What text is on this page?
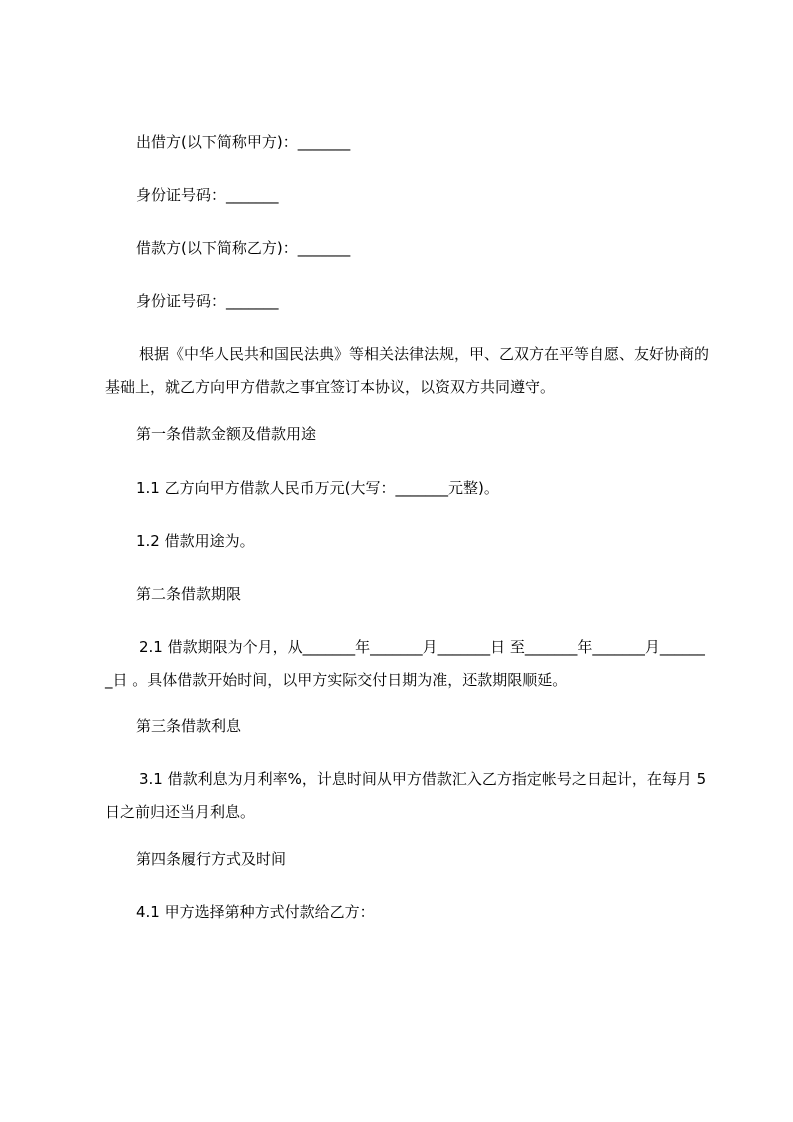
出借方(以下简称甲方)：_______
身份证号码：_______
借款方(以下简称乙方)：_______
身份证号码：_______
根据《中华人民共和国民法典》等相关法律法规，甲、乙双方在平等自愿、友好协商的基础上，就乙方向甲方借款之事宜签订本协议，以资双方共同遵守。
第一条借款金额及借款用途
1.1 乙方向甲方借款人民币万元(大写：_______元整)。
1.2 借款用途为。
第二条借款期限
2.1 借款期限为个月，从_______年_______月_______日 至_______年_______月_______日 。具体借款开始时间，以甲方实际交付日期为准，还款期限顺延。
第三条借款利息
3.1 借款利息为月利率%，计息时间从甲方借款汇入乙方指定帐号之日起计，在每月 5 日之前归还当月利息。
第四条履行方式及时间
4.1 甲方选择第种方式付款给乙方：
